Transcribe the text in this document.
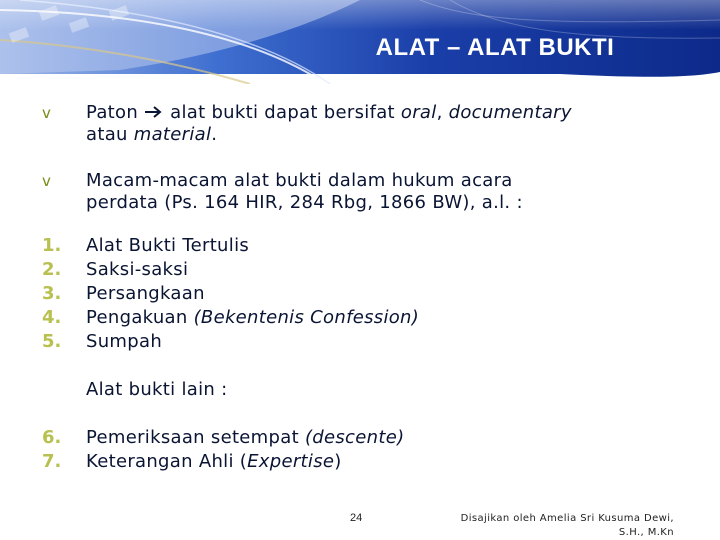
ALAT – ALAT BUKTI
v	Paton  alat bukti dapat bersifat oral, documentary
atau material.
v	Macam-macam alat bukti dalam hukum acara
perdata (Ps. 164 HIR, 284 Rbg, 1866 BW), a.l. :
1.	Alat Bukti Tertulis
2.	Saksi-saksi
3.	Persangkaan
4.	Pengakuan (Bekentenis Confession)
5.	Sumpah
Alat bukti lain :
6.	Pemeriksaan setempat (descente)
7.	Keterangan Ahli (Expertise)
24	Disajikan oleh Amelia Sri Kusuma Dewi,
S.H., M.Kn
